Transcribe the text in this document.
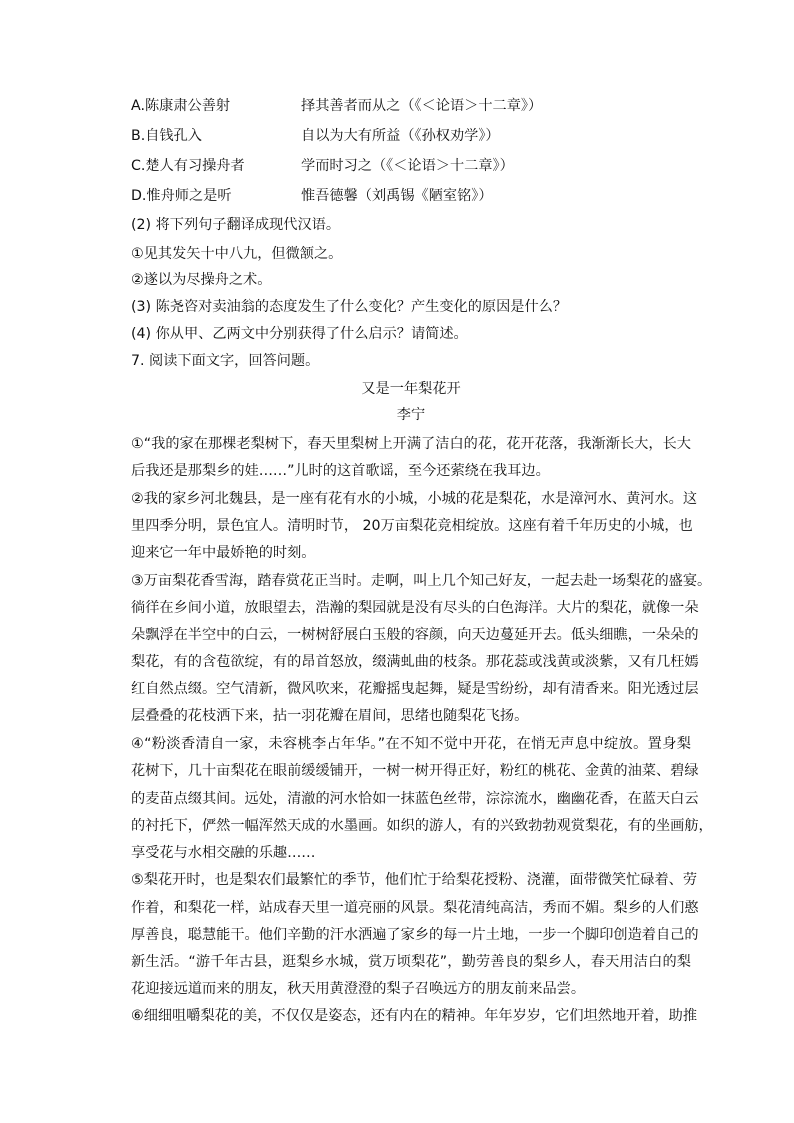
A.陈康肃公善射	择其善者而从之（《＜论语＞十二章》）
B.自钱孔入	自以为大有所益（《孙权劝学》）
C.楚人有习操舟者	学而时习之（《＜论语＞十二章》）
D.惟舟师之是听	惟吾德馨（刘禹锡《陋室铭》）
(2) 将下列句子翻译成现代汉语。
①见其发矢十中八九，但微颔之。
②遂以为尽操舟之术。
(3) 陈尧咨对卖油翁的态度发生了什么变化？产生变化的原因是什么？
(4) 你从甲、乙两文中分别获得了什么启示？请简述。
7. 阅读下面文字，回答问题。
又是一年梨花开
李宁
①“我的家在那棵老梨树下，春天里梨树上开满了洁白的花，花开花落，我渐渐长大，长大
后我还是那梨乡的娃……”儿时的这首歌谣，至今还萦绕在我耳边。
②我的家乡河北魏县，是一座有花有水的小城，小城的花是梨花，水是漳河水、黄河水。这
里四季分明，景色宜人。清明时节， 20万亩梨花竞相绽放。这座有着千年历史的小城，也
迎来它一年中最娇艳的时刻。
③万亩梨花香雪海，踏春赏花正当时。走啊，叫上几个知己好友，一起去赴一场梨花的盛宴。
徜徉在乡间小道，放眼望去，浩瀚的梨园就是没有尽头的白色海洋。大片的梨花，就像一朵
朵飘浮在半空中的白云，一树树舒展白玉般的容颜，向天边蔓延开去。低头细瞧，一朵朵的
梨花，有的含苞欲绽，有的昂首怒放，缀满虬曲的枝条。那花蕊或浅黄或淡紫，又有几枉嫣
红自然点缀。空气清新，微风吹来，花瓣摇曳起舞，疑是雪纷纷，却有清香来。阳光透过层
层叠叠的花枝洒下来，拈一羽花瓣在眉间，思绪也随梨花飞扬。
④“粉淡香清自一家，未容桃李占年华。”在不知不觉中开花，在悄无声息中绽放。置身梨
花树下，几十亩梨花在眼前缓缓铺开，一树一树开得正好，粉红的桃花、金黄的油菜、碧绿
的麦苗点缀其间。远处，清澈的河水恰如一抹蓝色丝带，淙淙流水，幽幽花香，在蓝天白云
的衬托下，俨然一幅浑然天成的水墨画。如织的游人，有的兴致勃勃观赏梨花，有的坐画舫，
享受花与水相交融的乐趣……
⑤梨花开时，也是梨农们最繁忙的季节，他们忙于给梨花授粉、浇灌，面带微笑忙碌着、劳
作着，和梨花一样，站成春天里一道亮丽的风景。梨花清纯高洁，秀而不媚。梨乡的人们憨
厚善良，聪慧能干。他们辛勤的汗水洒遍了家乡的每一片土地，一步一个脚印创造着自己的
新生活。“游千年古县，逛梨乡水城，赏万顷梨花”，勤劳善良的梨乡人，春天用洁白的梨
花迎接远道而来的朋友，秋天用黄澄澄的梨子召唤远方的朋友前来品尝。
⑥细细咀嚼梨花的美，不仅仅是姿态，还有内在的精神。年年岁岁，它们坦然地开着，助推
